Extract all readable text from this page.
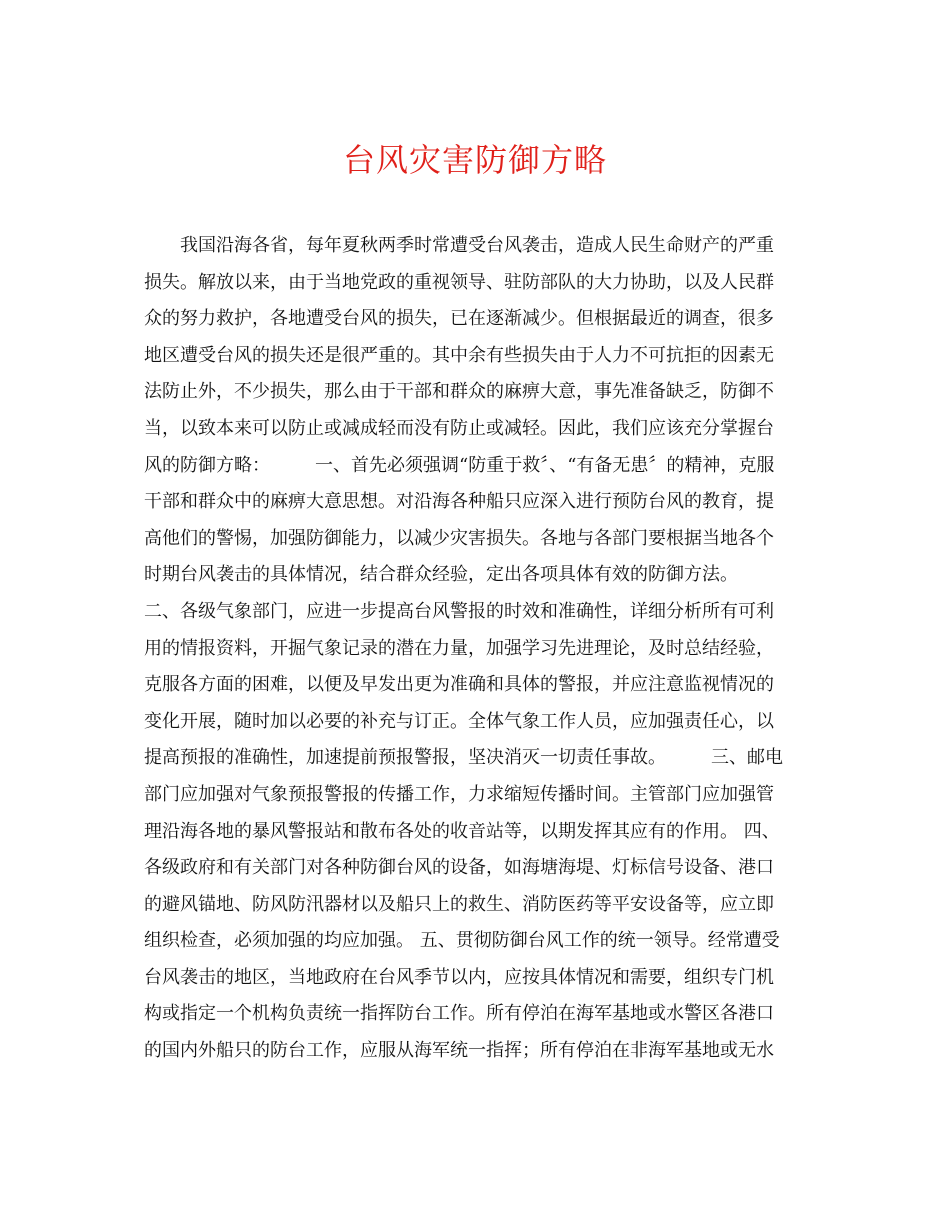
台风灾害防御方略
我国沿海各省，每年夏秋两季时常遭受台风袭击，造成人民生命财产的严重
损失。解放以来，由于当地党政的重视领导、驻防部队的大力协助，以及人民群
众的努力救护，各地遭受台风的损失，已在逐渐减少。但根据最近的调查，很多
地区遭受台风的损失还是很严重的。其中余有些损失由于人力不可抗拒的因素无
法防止外，不少损失，那么由于干部和群众的麻痹大意，事先准备缺乏，防御不
当，以致本来可以防止或减成轻而没有防止或减轻。因此，我们应该充分掌握台
风的防御方略：　　　一、首先必须强调“防重于救〞、“有备无患〞的精神，克服
干部和群众中的麻痹大意思想。对沿海各种船只应深入进行预防台风的教育，提
高他们的警惕，加强防御能力，以减少灾害损失。各地与各部门要根据当地各个
时期台风袭击的具体情况，结合群众经验，定出各项具体有效的防御方法。
二、各级气象部门，应进一步提高台风警报的时效和准确性，详细分析所有可利
用的情报资料，开掘气象记录的潜在力量，加强学习先进理论，及时总结经验，
克服各方面的困难，以便及早发出更为准确和具体的警报，并应注意监视情况的
变化开展，随时加以必要的补充与订正。全体气象工作人员，应加强责任心，以
提高预报的准确性，加速提前预报警报，坚决消灭一切责任事故。　　　三、邮电
部门应加强对气象预报警报的传播工作，力求缩短传播时间。主管部门应加强管
理沿海各地的暴风警报站和散布各处的收音站等，以期发挥其应有的作用。 四、
各级政府和有关部门对各种防御台风的设备，如海塘海堤、灯标信号设备、港口
的避风锚地、防风防汛器材以及船只上的救生、消防医药等平安设备等，应立即
组织检查，必须加强的均应加强。 五、贯彻防御台风工作的统一领导。经常遭受
台风袭击的地区，当地政府在台风季节以内，应按具体情况和需要，组织专门机
构或指定一个机构负责统一指挥防台工作。所有停泊在海军基地或水警区各港口
的国内外船只的防台工作，应服从海军统一指挥；所有停泊在非海军基地或无水
